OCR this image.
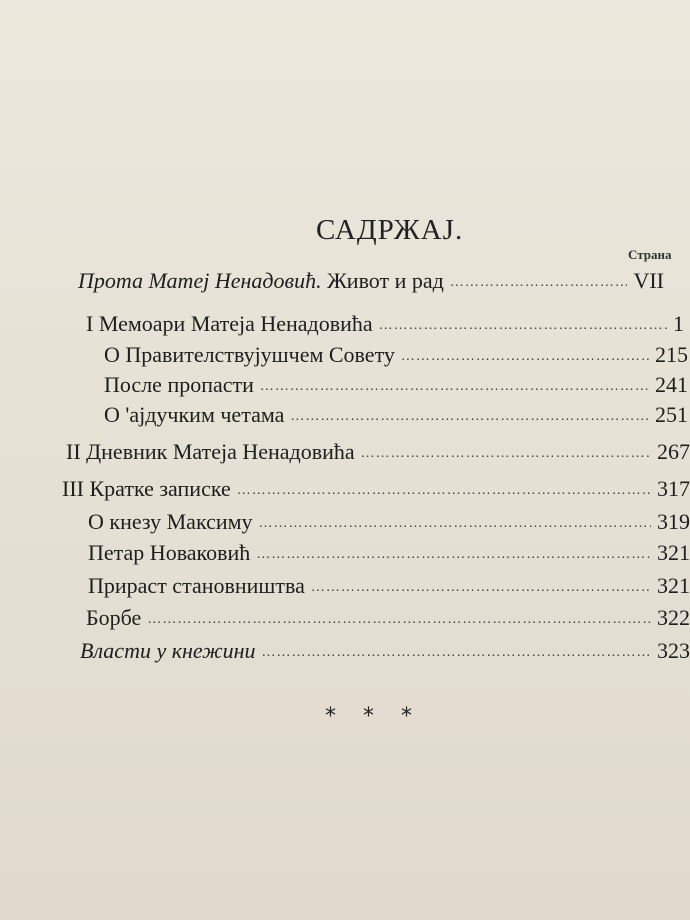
САДРЖАЈ.
Страна
Прота Матеј Ненадовић. Живот и рад …………………………………………………………………………………………………………………………	VII
I Мемоари Матеја Ненадовића …………………………………………………………………………………………………………………………	1
О Правителствујушчем Совету …………………………………………………………………………………………………………………………	215
После пропасти …………………………………………………………………………………………………………………………	241
О 'ајдучким четама …………………………………………………………………………………………………………………………	251
II Дневник Матеја Ненадовића …………………………………………………………………………………………………………………………	267
III Кратке записке …………………………………………………………………………………………………………………………	317
О кнезу Максиму …………………………………………………………………………………………………………………………	319
Петар Новаковић …………………………………………………………………………………………………………………………	321
Прираст становништва …………………………………………………………………………………………………………………………	321
Борбе …………………………………………………………………………………………………………………………	322
Власти у кнежини …………………………………………………………………………………………………………………………	323
* * *
